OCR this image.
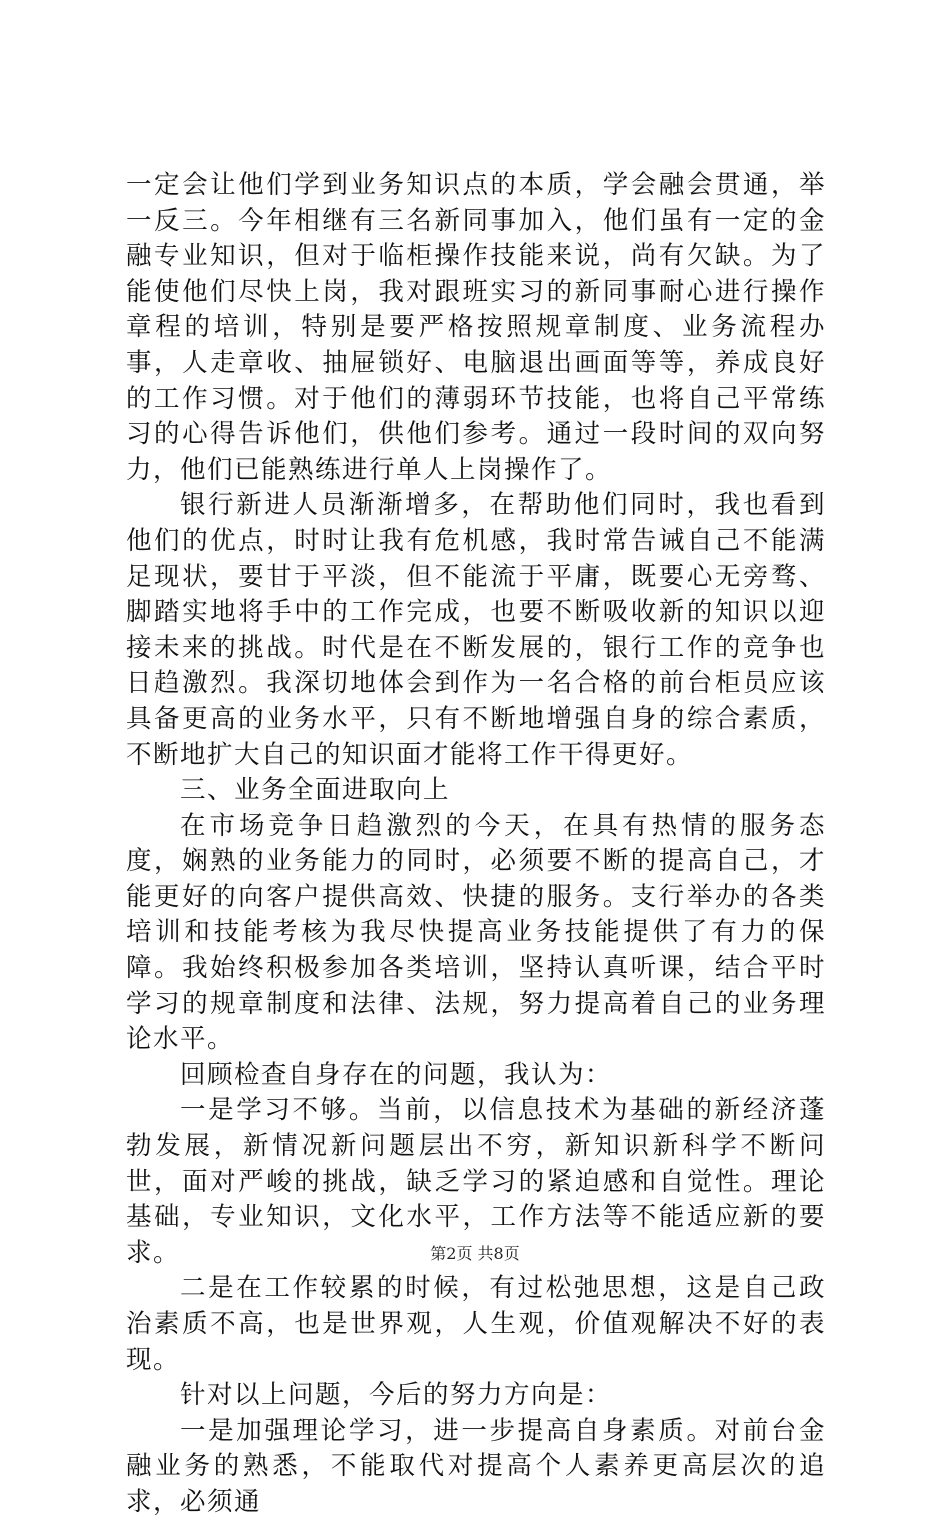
一定会让他们学到业务知识点的本质，学会融会贯通，举一反三。今年相继有三名新同事加入，他们虽有一定的金融专业知识，但对于临柜操作技能来说，尚有欠缺。为了能使他们尽快上岗，我对跟班实习的新同事耐心进行操作章程的培训，特别是要严格按照规章制度、业务流程办事，人走章收、抽屉锁好、电脑退出画面等等，养成良好的工作习惯。对于他们的薄弱环节技能，也将自己平常练习的心得告诉他们，供他们参考。通过一段时间的双向努力，他们已能熟练进行单人上岗操作了。

银行新进人员渐渐增多，在帮助他们同时，我也看到他们的优点，时时让我有危机感，我时常告诫自己不能满足现状，要甘于平淡，但不能流于平庸，既要心无旁骛、脚踏实地将手中的工作完成，也要不断吸收新的知识以迎接未来的挑战。时代是在不断发展的，银行工作的竞争也日趋激烈。我深切地体会到作为一名合格的前台柜员应该具备更高的业务水平，只有不断地增强自身的综合素质，不断地扩大自己的知识面才能将工作干得更好。

三、业务全面进取向上

在市场竞争日趋激烈的今天，在具有热情的服务态度，娴熟的业务能力的同时，必须要不断的提高自己，才能更好的向客户提供高效、快捷的服务。支行举办的各类培训和技能考核为我尽快提高业务技能提供了有力的保障。我始终积极参加各类培训，坚持认真听课，结合平时学习的规章制度和法律、法规，努力提高着自己的业务理论水平。

回顾检查自身存在的问题，我认为：

一是学习不够。当前，以信息技术为基础的新经济蓬勃发展，新情况新问题层出不穷，新知识新科学不断问世，面对严峻的挑战，缺乏学习的紧迫感和自觉性。理论基础，专业知识，文化水平，工作方法等不能适应新的要求。

二是在工作较累的时候，有过松弛思想，这是自己政治素质不高，也是世界观，人生观，价值观解决不好的表现。

针对以上问题，今后的努力方向是：

一是加强理论学习，进一步提高自身素质。对前台金融业务的熟悉，不能取代对提高个人素养更高层次的追求，必须通

第2页 共8页
